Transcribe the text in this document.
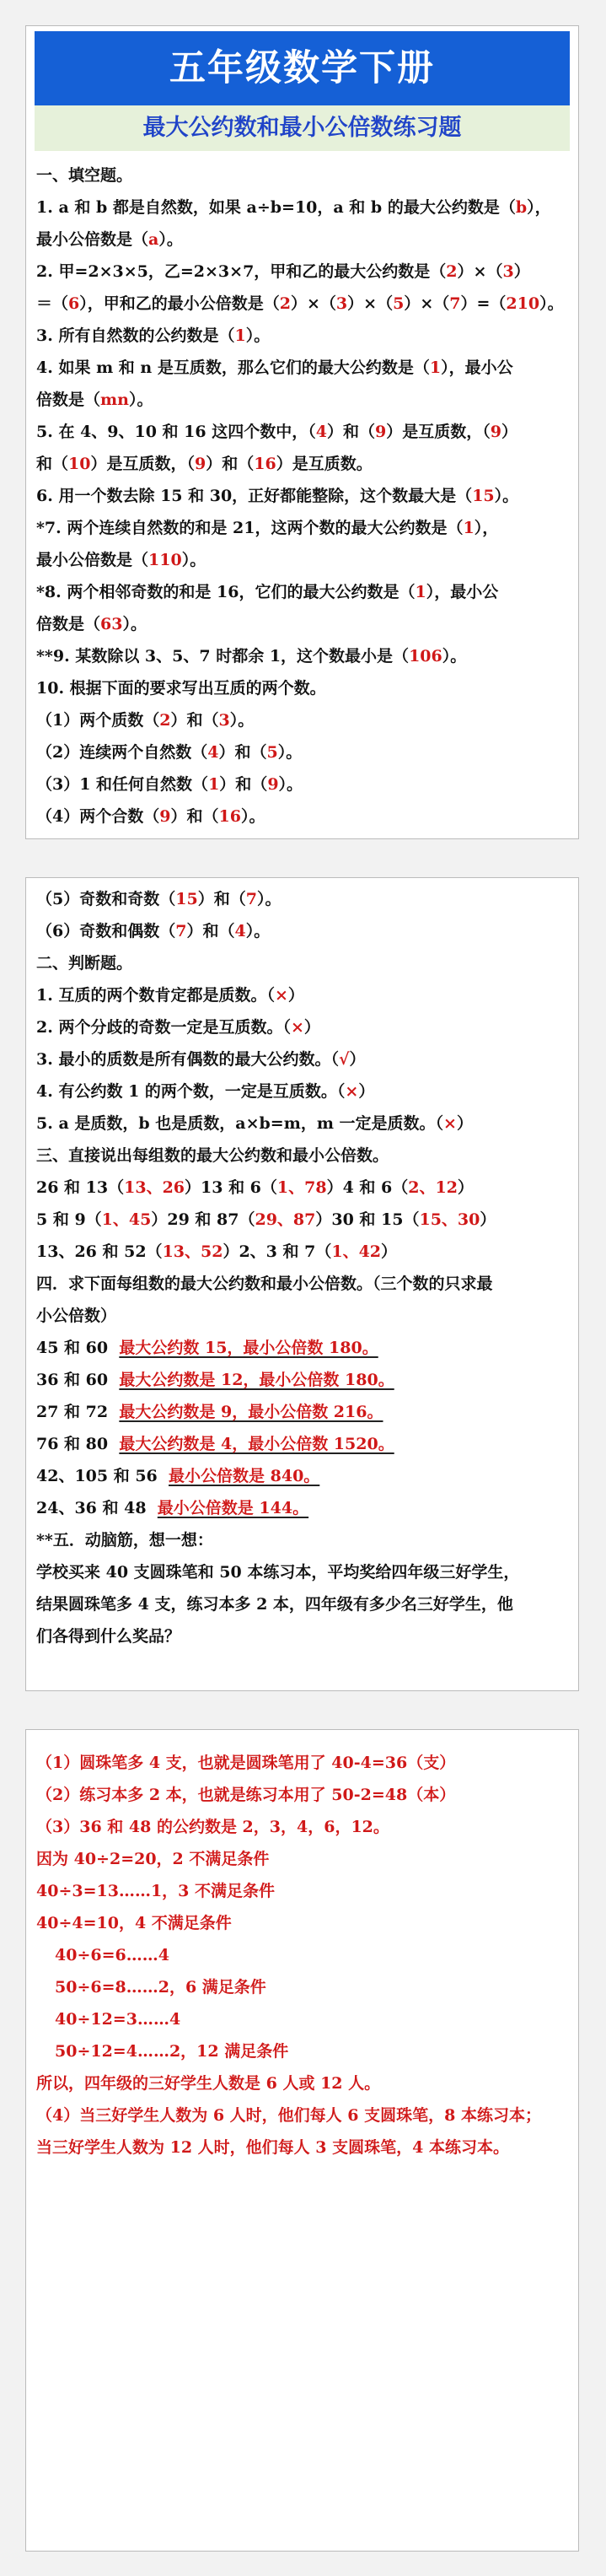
五年级数学下册
最大公约数和最小公倍数练习题
一、填空题。
1. a 和 b 都是自然数，如果 a÷b=10，a 和 b 的最大公约数是（b），
最小公倍数是（a）。
2. 甲=2×3×5，乙=2×3×7，甲和乙的最大公约数是（2）×（3）
＝（6），甲和乙的最小公倍数是（2）×（3）×（5）×（7）=（210）。
3. 所有自然数的公约数是（1）。
4. 如果 m 和 n 是互质数，那么它们的最大公约数是（1），最小公
倍数是（mn）。
5. 在 4、9、10 和 16 这四个数中，（4）和（9）是互质数，（9）
和（10）是互质数，（9）和（16）是互质数。
6. 用一个数去除 15 和 30，正好都能整除，这个数最大是（15）。
*7. 两个连续自然数的和是 21，这两个数的最大公约数是（1），
最小公倍数是（110）。
*8. 两个相邻奇数的和是 16，它们的最大公约数是（1），最小公
倍数是（63）。
**9. 某数除以 3、5、7 时都余 1，这个数最小是（106）。
10. 根据下面的要求写出互质的两个数。
（1）两个质数（2）和（3）。
（2）连续两个自然数（4）和（5）。
（3）1 和任何自然数（1）和（9）。
（4）两个合数（9）和（16）。
（5）奇数和奇数（15）和（7）。
（6）奇数和偶数（7）和（4）。
二、判断题。
1. 互质的两个数肯定都是质数。（×）
2. 两个分歧的奇数一定是互质数。（×）
3. 最小的质数是所有偶数的最大公约数。（√）
4. 有公约数 1 的两个数，一定是互质数。（×）
5. a 是质数，b 也是质数，a×b=m，m 一定是质数。（×）
三、直接说出每组数的最大公约数和最小公倍数。
26 和 13（13、26）13 和 6（1、78）4 和 6（2、12）
5 和 9（1、45）29 和 87（29、87）30 和 15（15、30）
13、26 和 52（13、52）2、3 和 7（1、42）
四．求下面每组数的最大公约数和最小公倍数。（三个数的只求最
小公倍数）
45 和 60 最大公约数 15，最小公倍数 180。
36 和 60 最大公约数是 12，最小公倍数 180。
27 和 72 最大公约数是 9，最小公倍数 216。
76 和 80 最大公约数是 4，最小公倍数 1520。
42、105 和 56 最小公倍数是 840。
24、36 和 48 最小公倍数是 144。
**五．动脑筋，想一想：
学校买来 40 支圆珠笔和 50 本练习本，平均奖给四年级三好学生，
结果圆珠笔多 4 支，练习本多 2 本，四年级有多少名三好学生，他
们各得到什么奖品？
（1）圆珠笔多 4 支，也就是圆珠笔用了 40-4=36（支）
（2）练习本多 2 本，也就是练习本用了 50-2=48（本）
（3）36 和 48 的公约数是 2，3，4，6，12。
因为 40÷2=20，2 不满足条件
40÷3=13……1，3 不满足条件
40÷4=10，4 不满足条件
40÷6=6……4
50÷6=8……2，6 满足条件
40÷12=3……4
50÷12=4……2，12 满足条件
所以，四年级的三好学生人数是 6 人或 12 人。
（4）当三好学生人数为 6 人时，他们每人 6 支圆珠笔，8 本练习本；
当三好学生人数为 12 人时，他们每人 3 支圆珠笔，4 本练习本。
